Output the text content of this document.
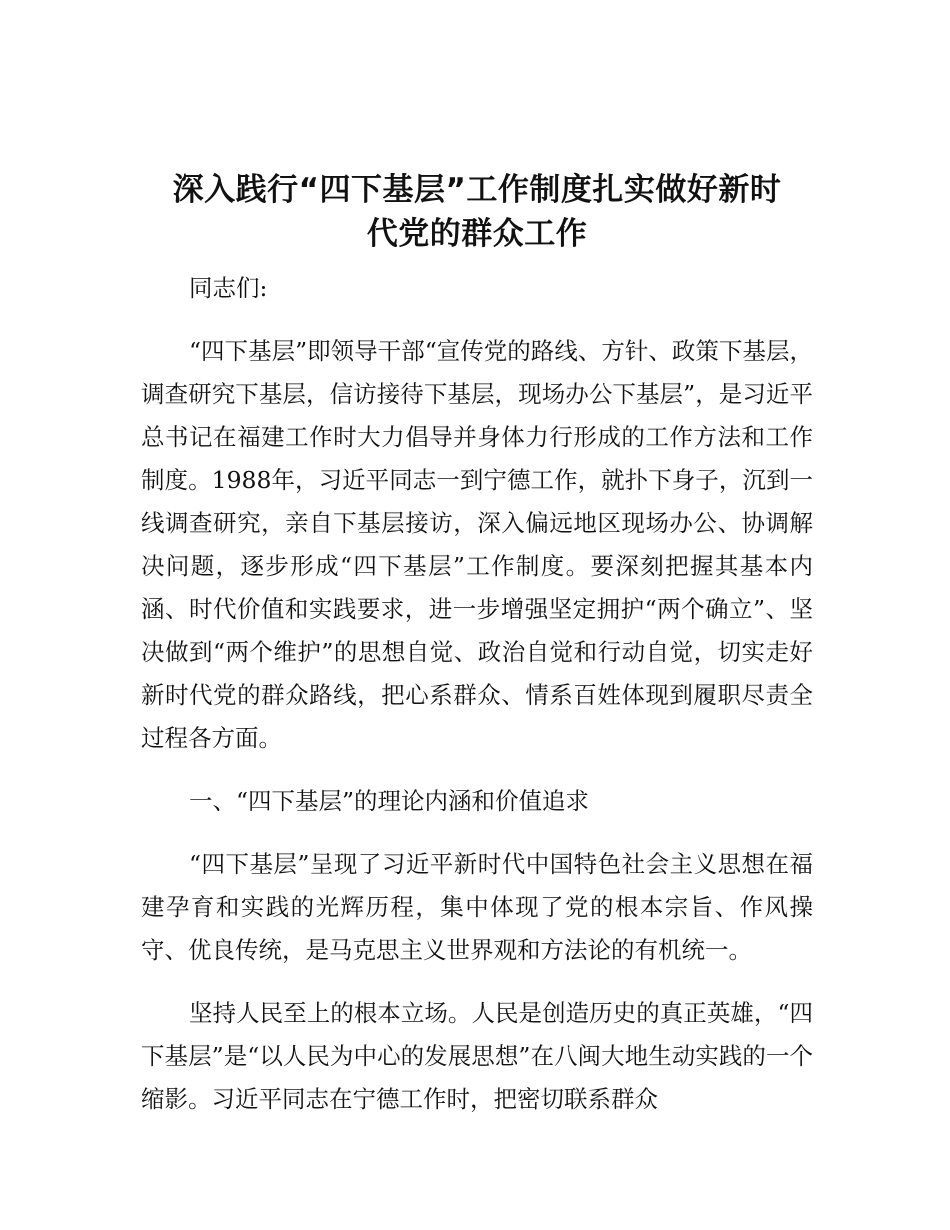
深入践行“四下基层”工作制度扎实做好新时
代党的群众工作

同志们:

“四下基层”即领导干部“宣传党的路线、方针、政策下基层，调查研究下基层，信访接待下基层，现场办公下基层”，是习近平总书记在福建工作时大力倡导并身体力行形成的工作方法和工作制度。1988年，习近平同志一到宁德工作，就扑下身子，沉到一线调查研究，亲自下基层接访，深入偏远地区现场办公、协调解决问题，逐步形成“四下基层”工作制度。要深刻把握其基本内涵、时代价值和实践要求，进一步增强坚定拥护“两个确立”、坚决做到“两个维护”的思想自觉、政治自觉和行动自觉，切实走好新时代党的群众路线，把心系群众、情系百姓体现到履职尽责全过程各方面。

一、“四下基层”的理论内涵和价值追求

“四下基层”呈现了习近平新时代中国特色社会主义思想在福建孕育和实践的光辉历程，集中体现了党的根本宗旨、作风操守、优良传统，是马克思主义世界观和方法论的有机统一。

坚持人民至上的根本立场。人民是创造历史的真正英雄，“四下基层”是“以人民为中心的发展思想”在八闽大地生动实践的一个缩影。习近平同志在宁德工作时，把密切联系群众
